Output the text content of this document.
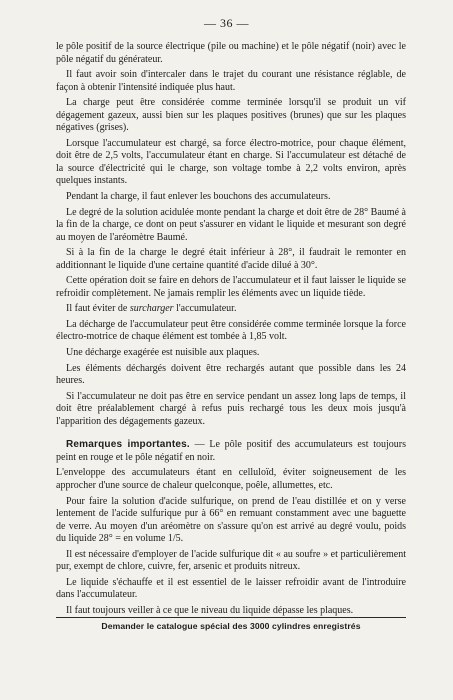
— 36 —

le pôle positif de la source électrique (pile ou machine) et le pôle négatif (noir) avec le pôle négatif du générateur.

Il faut avoir soin d'intercaler dans le trajet du courant une résistance réglable, de façon à obtenir l'intensité indiquée plus haut.

La charge peut être considérée comme terminée lorsqu'il se produit un vif dégagement gazeux, aussi bien sur les plaques positives (brunes) que sur les plaques négatives (grises).

Lorsque l'accumulateur est chargé, sa force électro-motrice, pour chaque élément, doit être de 2,5 volts, l'accumulateur étant en charge. Si l'accumulateur est détaché de la source d'électricité qui le charge, son voltage tombe à 2,2 volts environ, après quelques instants.

Pendant la charge, il faut enlever les bouchons des accumulateurs.

Le degré de la solution acidulée monte pendant la charge et doit être de 28° Baumé à la fin de la charge, ce dont on peut s'assurer en vidant le liquide et mesurant son degré au moyen de l'aréomètre Baumé.

Si à la fin de la charge le degré était inférieur à 28°, il faudrait le remonter en additionnant le liquide d'une certaine quantité d'acide dilué à 30°.

Cette opération doit se faire en dehors de l'accumulateur et il faut laisser le liquide se refroidir complètement. Ne jamais remplir les éléments avec un liquide tiède.

Il faut éviter de surcharger l'accumulateur.

La décharge de l'accumulateur peut être considérée comme terminée lorsque la force électro-motrice de chaque élément est tombée à 1,85 volt.

Une décharge exagérée est nuisible aux plaques.

Les éléments déchargés doivent être rechargés autant que possible dans les 24 heures.

Si l'accumulateur ne doit pas être en service pendant un assez long laps de temps, il doit être préalablement chargé à refus puis rechargé tous les deux mois jusqu'à l'apparition des dégagements gazeux.

Remarques importantes. — Le pôle positif des accumulateurs est toujours peint en rouge et le pôle négatif en noir.

L'enveloppe des accumulateurs étant en celluloïd, éviter soigneusement de les approcher d'une source de chaleur quelconque, poêle, allumettes, etc.

Pour faire la solution d'acide sulfurique, on prend de l'eau distillée et on y verse lentement de l'acide sulfurique pur à 66° en remuant constamment avec une baguette de verre. Au moyen d'un aréomètre on s'assure qu'on est arrivé au degré voulu, poids du liquide 28° = en volume 1/5.

Il est nécessaire d'employer de l'acide sulfurique dit « au soufre » et particulièrement pur, exempt de chlore, cuivre, fer, arsenic et produits nitreux.

Le liquide s'échauffe et il est essentiel de le laisser refroidir avant de l'introduire dans l'accumulateur.

Il faut toujours veiller à ce que le niveau du liquide dépasse les plaques.

Demander le catalogue spécial des 3000 cylindres enregistrés
